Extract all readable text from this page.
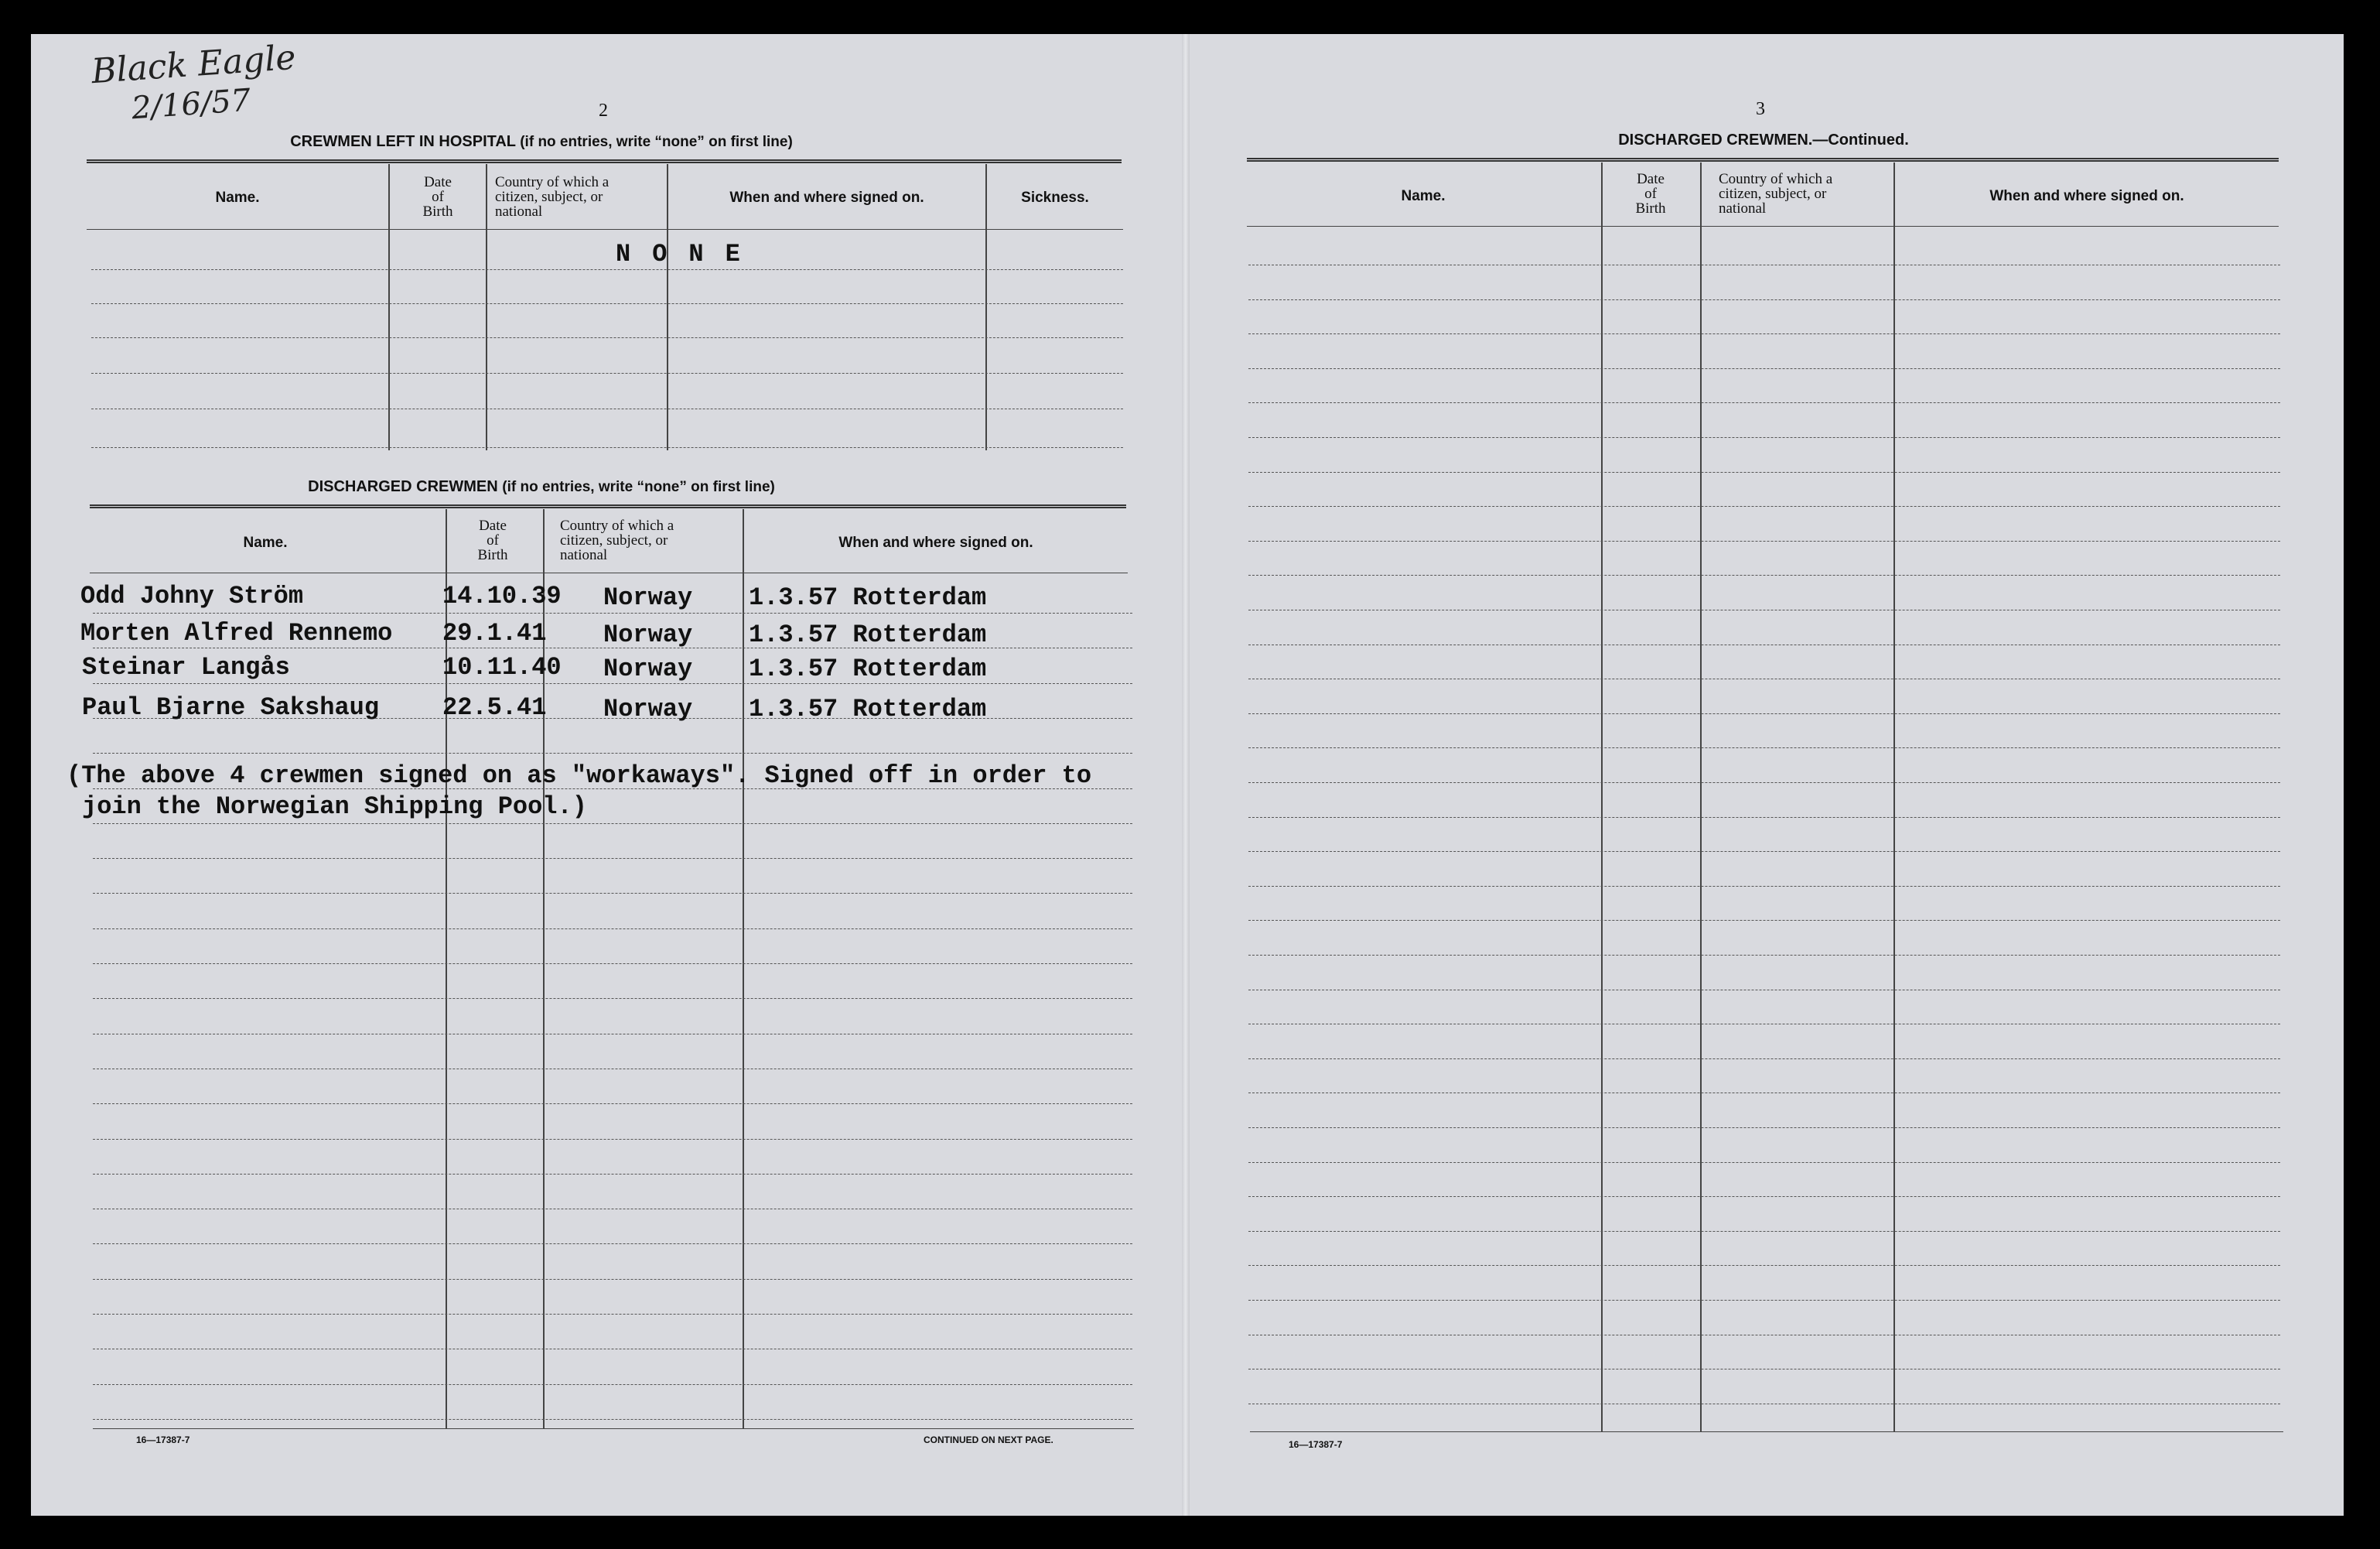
Black Eagle
2/16/57	2
CREWMEN LEFT IN HOSPITAL (if no entries, write “none” on first line)
Name.
Date
of
Birth
Country of which a
citizen, subject, or
national
When and where signed on.	Sickness.
NONE
DISCHARGED CREWMEN (if no entries, write “none” on first line)
Name.
Date
of
Birth
Country of which a
citizen, subject, or
national
When and where signed on.
Odd Johny Ström	14.10.39 Norway 1.3.57 Rotterdam
Morten Alfred Rennemo 29.1.41 Norway 1.3.57 Rotterdam
Steinar Langås	10.11.40 Norway 1.3.57 Rotterdam
Paul Bjarne Sakshaug	22.5.41 Norway 1.3.57 Rotterdam
(The above 4 crewmen signed on as "workaways". Signed off in order to
join the Norwegian Shipping Pool.)
16—17387-7	CONTINUED ON NEXT PAGE.
3
DISCHARGED CREWMEN.—Continued.
Name.
Date
of
Birth
Country of which a
citizen, subject, or
national
When and where signed on.
16—17387-7
